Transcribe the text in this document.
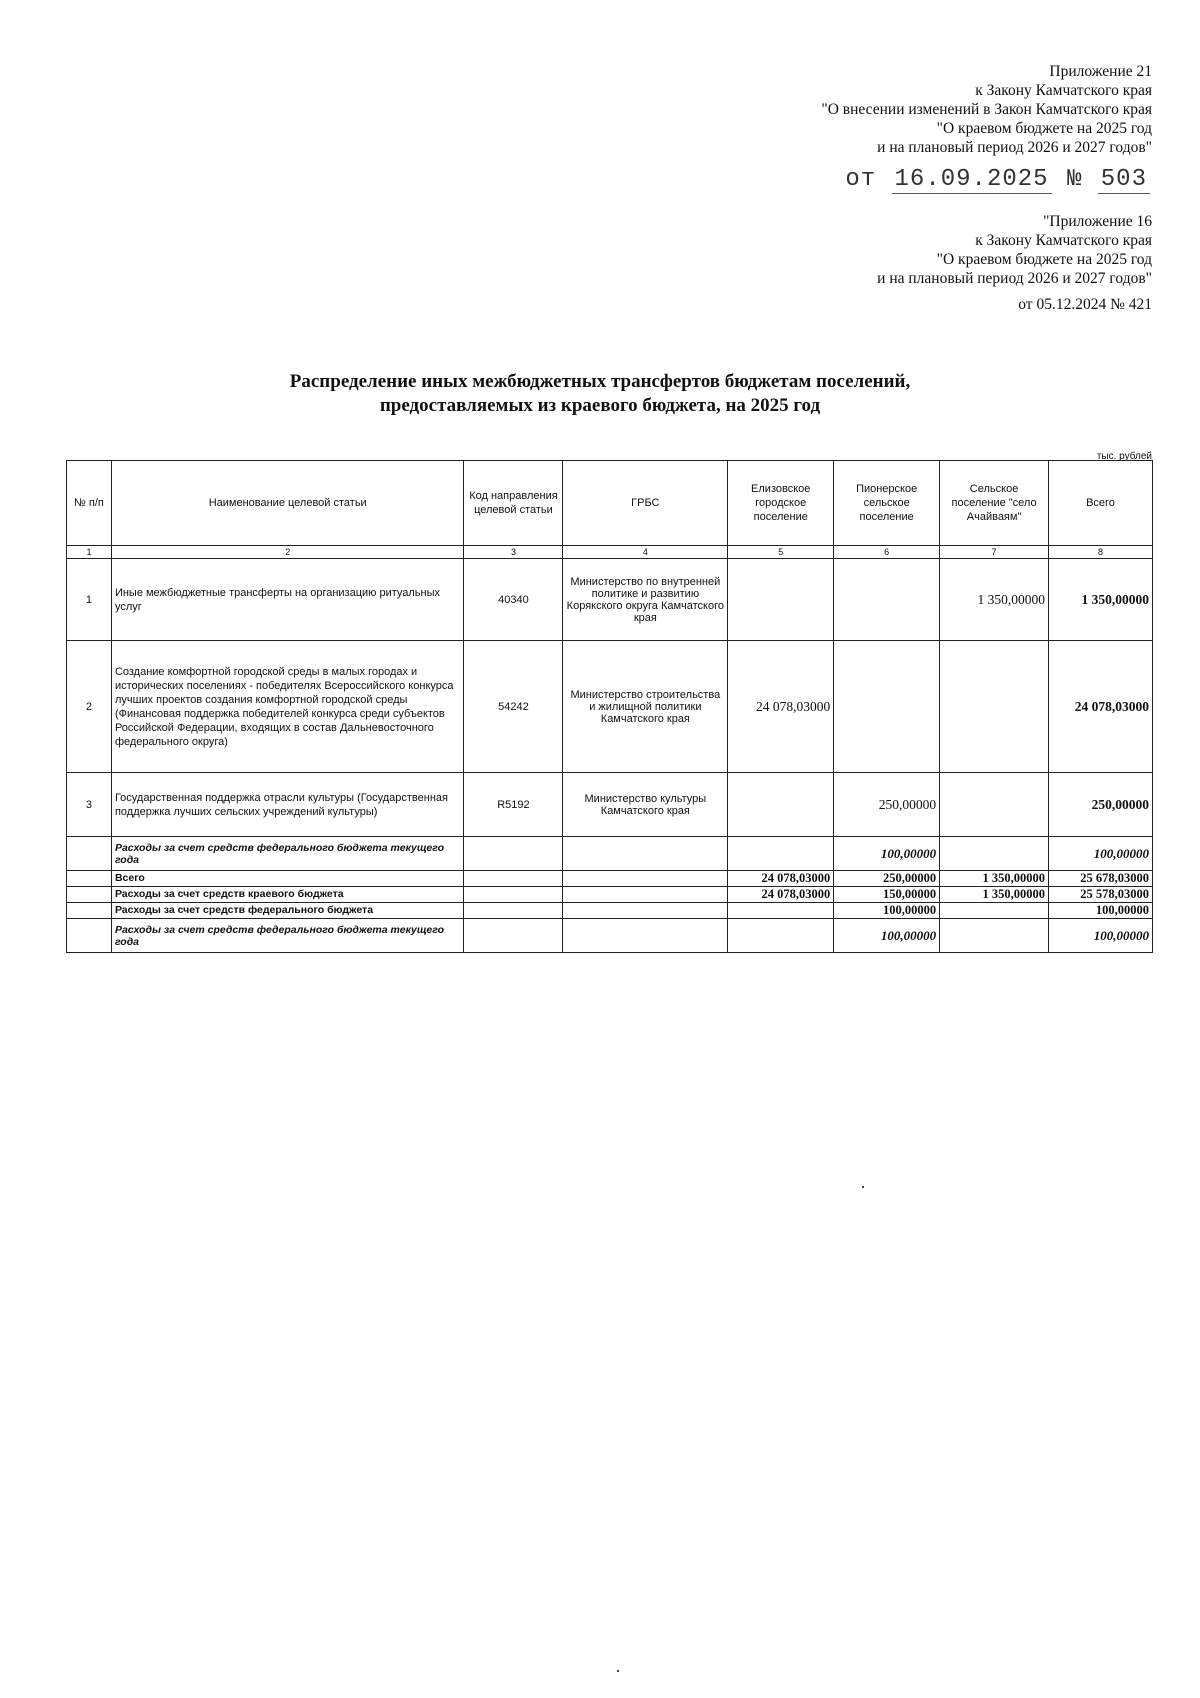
Приложение 21
к Закону Камчатского края
"О внесении изменений в Закон Камчатского края
"О краевом бюджете на 2025 год
и на плановый период 2026 и 2027 годов"
от 16.09.2025 № 503
"Приложение 16
к Закону Камчатского края
"О краевом бюджете на 2025 год
и на плановый период 2026 и 2027 годов"
от 05.12.2024 № 421
Распределение иных межбюджетных трансфертов бюджетам поселений,
предоставляемых из краевого бюджета, на 2025 год
тыс. рублей
№ п/п	Наименование целевой статьи	Код направления целевой статьи	ГРБС	Елизовское городское поселение	Пионерское сельское поселение	Сельское поселение "село Ачайваям"	Всего
1	2	3	4	5	6	7	8
1	Иные межбюджетные трансферты на организацию ритуальных услуг	40340	Министерство по внутренней политике и развитию Корякского округа Камчатского края			1 350,00000	1 350,00000
2	Создание комфортной городской среды в малых городах и исторических поселениях - победителях Всероссийского конкурса лучших проектов создания комфортной городской среды (Финансовая поддержка победителей конкурса среди субъектов Российской Федерации, входящих в состав Дальневосточного федерального округа)	54242	Министерство строительства и жилищной политики Камчатского края	24 078,03000			24 078,03000
3	Государственная поддержка отрасли культуры (Государственная поддержка лучших сельских учреждений культуры)	R5192	Министерство культуры Камчатского края		250,00000		250,00000
	Расходы за счет средств федерального бюджета текущего года				100,00000		100,00000
	Всего			24 078,03000	250,00000	1 350,00000	25 678,03000
	Расходы за счет средств краевого бюджета			24 078,03000	150,00000	1 350,00000	25 578,03000
	Расходы за счет средств федерального бюджета				100,00000		100,00000
	Расходы за счет средств федерального бюджета текущего года				100,00000		100,00000
